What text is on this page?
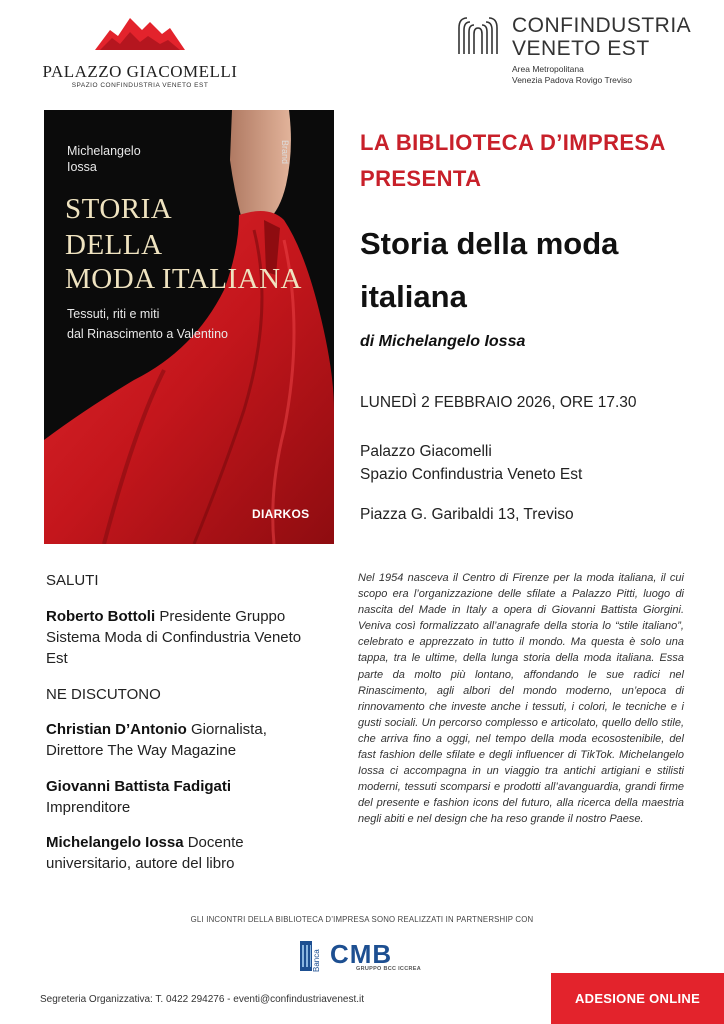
PALAZZO GIACOMELLI
SPAZIO CONFINDUSTRIA VENETO EST
CONFINDUSTRIA
VENETO EST
Area Metropolitana
Venezia Padova Rovigo Treviso
Michelangelo
Iossa
Brand
STORIA
DELLA
MODA ITALIANA
Tessuti, riti e miti
dal Rinascimento a Valentino
DIARKOS
LA BIBLIOTECA D’IMPRESA
PRESENTA
Storia della moda
italiana
di Michelangelo Iossa
LUNEDÌ 2 FEBBRAIO 2026, ORE 17.30
Palazzo Giacomelli
Spazio Confindustria Veneto Est
Piazza G. Garibaldi 13, Treviso
SALUTI
Roberto Bottoli Presidente Gruppo Sistema Moda di Confindustria Veneto Est
NE DISCUTONO
Christian D’Antonio Giornalista, Direttore The Way Magazine
Giovanni Battista Fadigati Imprenditore
Michelangelo Iossa Docente universitario, autore del libro
Nel 1954 nasceva il Centro di Firenze per la moda italiana, il cui scopo era l’organizzazione delle sfilate a Palazzo Pitti, luogo di nascita del Made in Italy a opera di Giovanni Battista Giorgini. Veniva così formalizzato all’anagrafe della storia lo “stile italiano”, celebrato e apprezzato in tutto il mondo. Ma questa è solo una tappa, tra le ultime, della lunga storia della moda italiana. Essa parte da molto più lontano, affondando le sue radici nel Rinascimento, agli albori del mondo moderno, un’epoca di rinnovamento che investe anche i tessuti, i colori, le tecniche e i gusti sociali. Un percorso complesso e articolato, quello dello stile, che arriva fino a oggi, nel tempo della moda ecosostenibile, del fast fashion delle sfilate e degli influencer di TikTok. Michelangelo Iossa ci accompagna in un viaggio tra antichi artigiani e stilisti moderni, tessuti scomparsi e prodotti all’avanguardia, grandi firme del presente e fashion icons del futuro, alla ricerca della maestria negli abiti e nel design che ha reso grande il nostro Paese.
GLI INCONTRI DELLA BIBLIOTECA D’IMPRESA SONO REALIZZATI IN PARTNERSHIP CON
Banca CMB
GRUPPO BCC ICCREA
Segreteria Organizzativa: T. 0422 294276 - eventi@confindustriavenest.it	ADESIONE ONLINE
